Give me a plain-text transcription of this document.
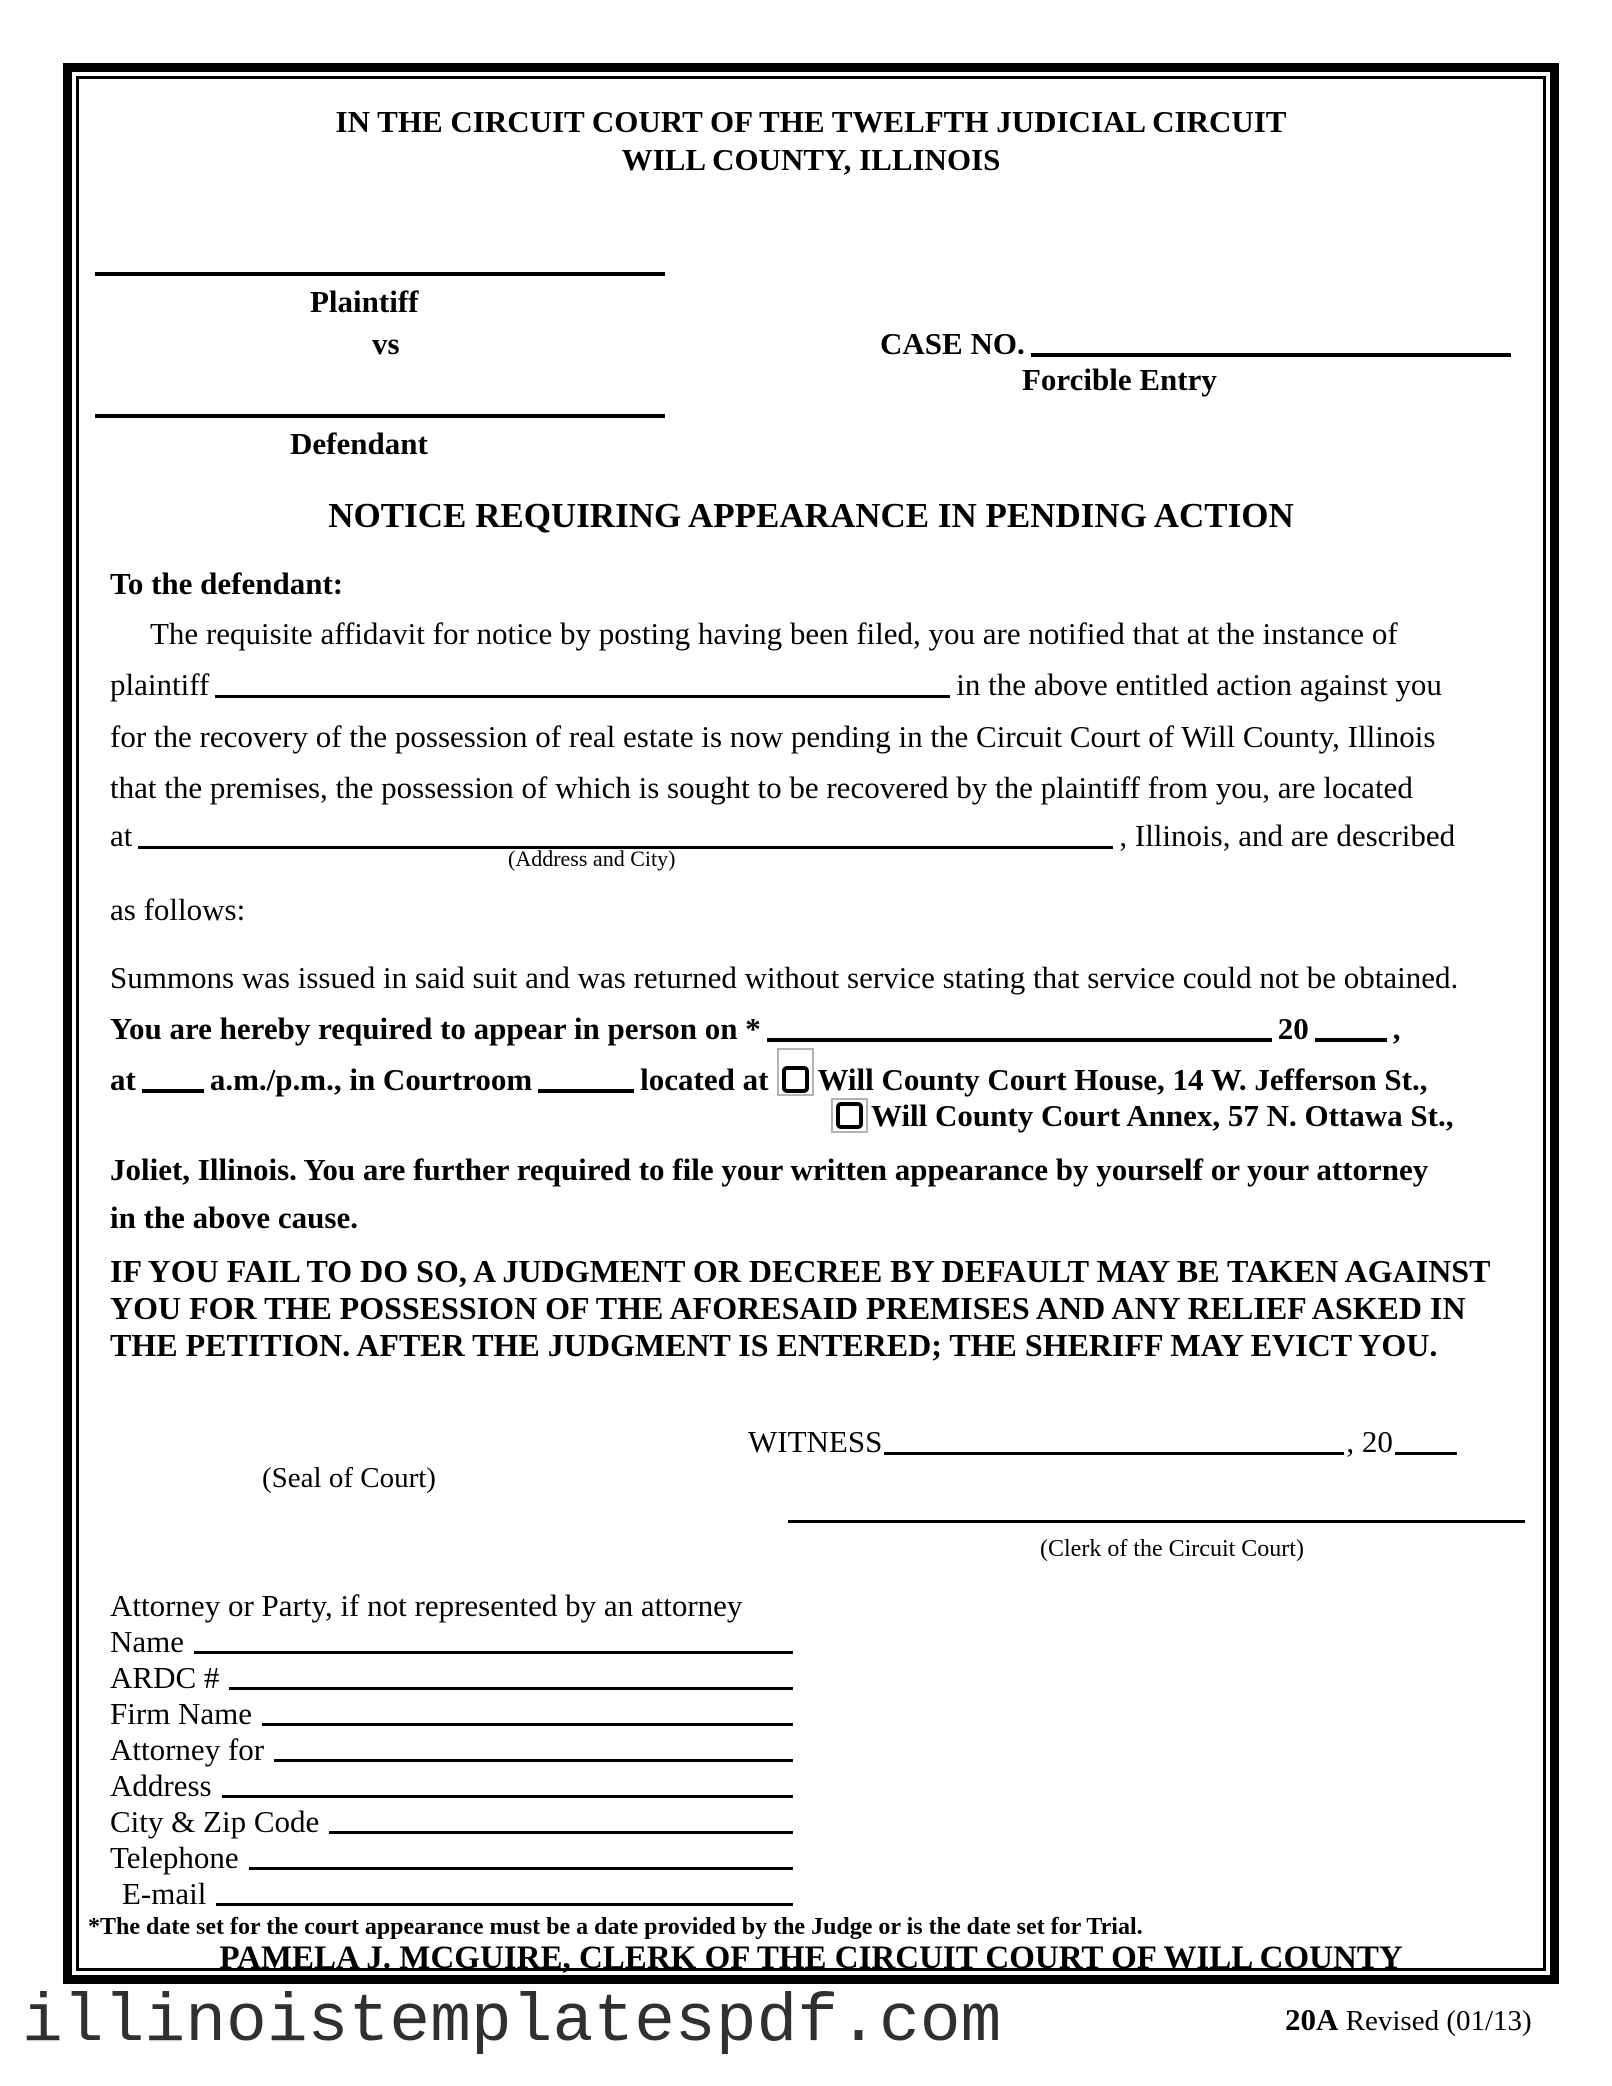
IN THE CIRCUIT COURT OF THE TWELFTH JUDICIAL CIRCUIT
WILL COUNTY, ILLINOIS
Plaintiff
vs	CASE NO.
Forcible Entry
Defendant
NOTICE REQUIRING APPEARANCE IN PENDING ACTION
To the defendant:
The requisite affidavit for notice by posting having been filed, you are notified that at the instance of
plaintiff	in the above entitled action against you
for the recovery of the possession of real estate is now pending in the Circuit Court of Will County, Illinois
that the premises, the possession of which is sought to be recovered by the plaintiff from you, are located
at	, Illinois, and are described
(Address and City)
as follows:
Summons was issued in said suit and was returned without service stating that service could not be obtained.
You are hereby required to appear in person on *	20	,
at a.m./p.m., in Courtroom	located at Will County Court House, 14 W. Jefferson St.,
Will County Court Annex, 57 N. Ottawa St.,
Joliet, Illinois. You are further required to file your written appearance by yourself or your attorney
in the above cause.
IF YOU FAIL TO DO SO, A JUDGMENT OR DECREE BY DEFAULT MAY BE TAKEN AGAINST
YOU FOR THE POSSESSION OF THE AFORESAID PREMISES AND ANY RELIEF ASKED IN
THE PETITION. AFTER THE JUDGMENT IS ENTERED; THE SHERIFF MAY EVICT YOU.
WITNESS	, 20
(Seal of Court)
(Clerk of the Circuit Court)
Attorney or Party, if not represented by an attorney
Name
ARDC #
Firm Name
Attorney for
Address
City & Zip Code
Telephone
E-mail
*The date set for the court appearance must be a date provided by the Judge or is the date set for Trial.
PAMELA J. MCGUIRE, CLERK OF THE CIRCUIT COURT OF WILL COUNTY
illinoistemplatespdf.com	20A Revised (01/13)
